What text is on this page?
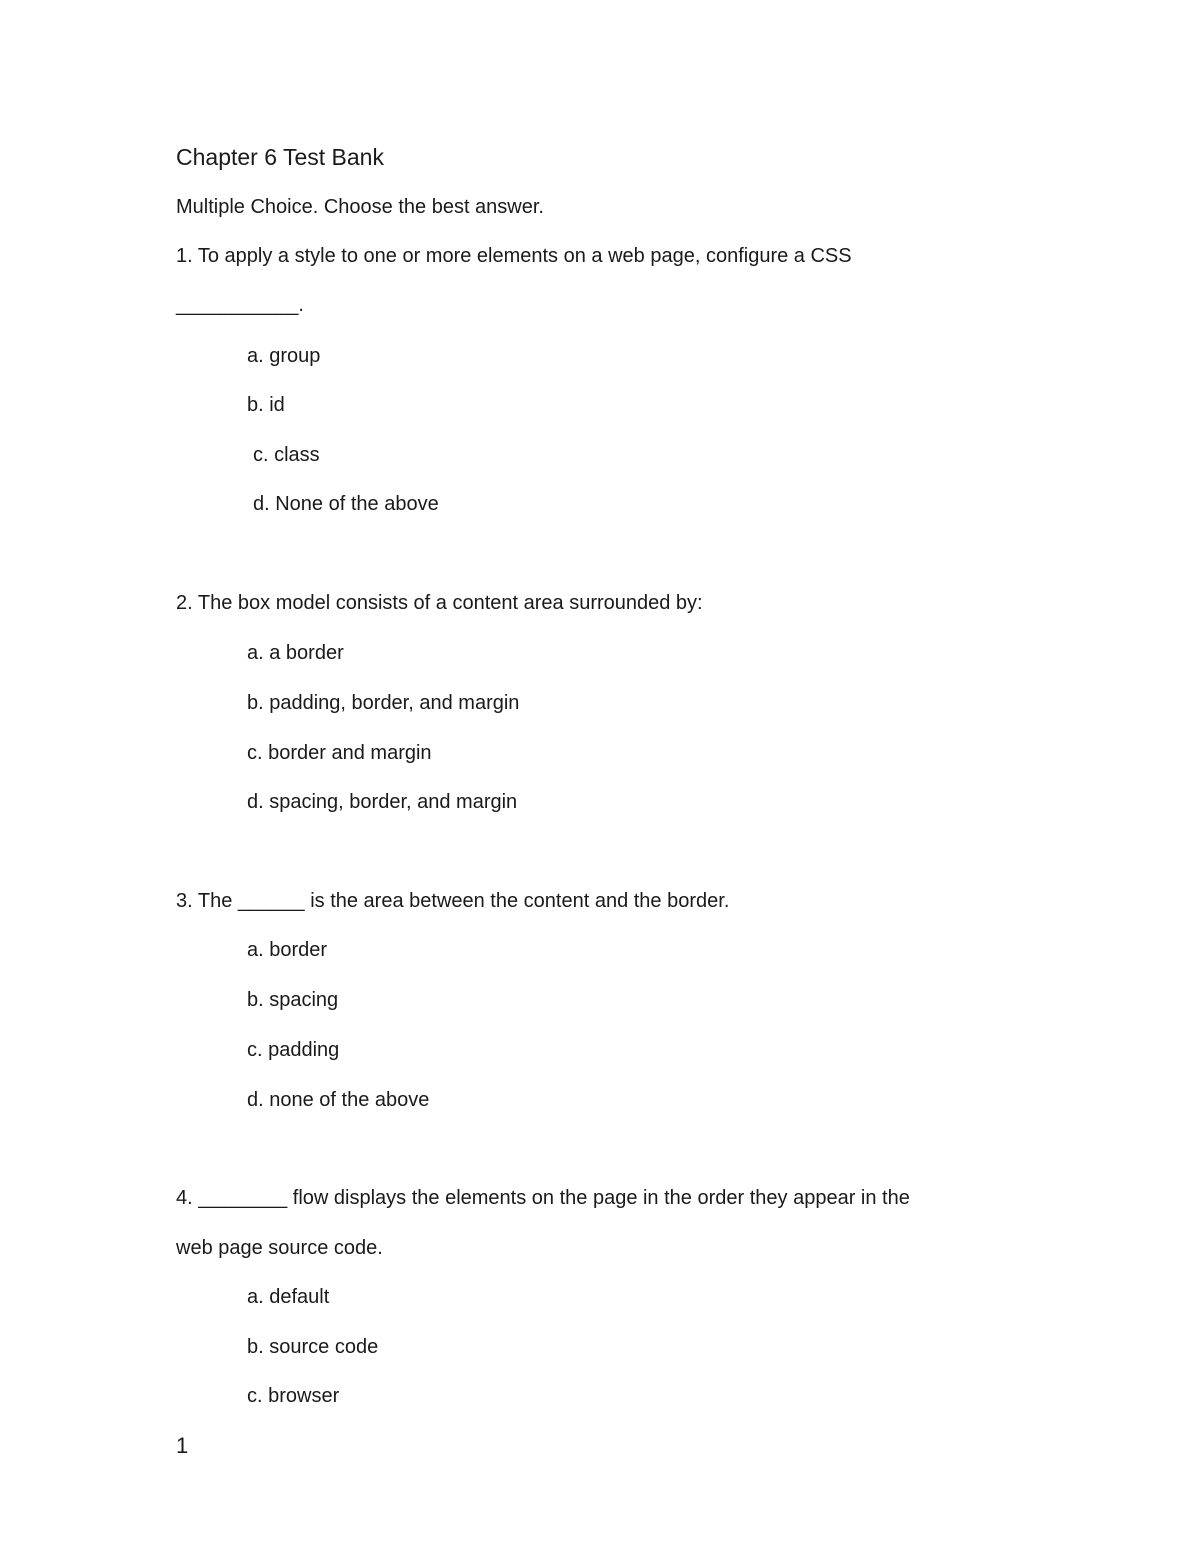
Chapter 6 Test Bank
Multiple Choice. Choose the best answer.
1. To apply a style to one or more elements on a web page, configure a CSS
___________.
a. group
b. id
c. class
d. None of the above
2. The box model consists of a content area surrounded by:
a. a border
b. padding, border, and margin
c. border and margin
d. spacing, border, and margin
3. The ______ is the area between the content and the border.
a. border
b. spacing
c. padding
d. none of the above
4. ________ flow displays the elements on the page in the order they appear in the
web page source code.
a. default
b. source code
c. browser
1
